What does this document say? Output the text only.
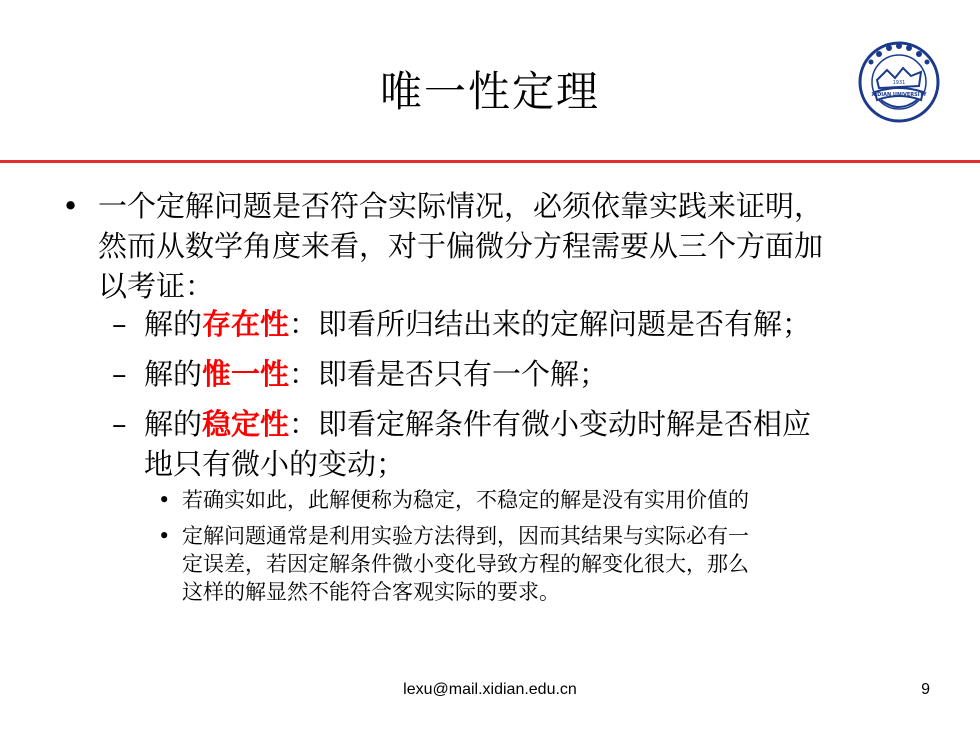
唯一性定理	XIDIAN UNIVERSITY
1931
• 一个定解问题是否符合实际情况，必须依靠实践来证明，
然而从数学角度来看，对于偏微分方程需要从三个方面加
以考证：
– 解的存在性：即看所归结出来的定解问题是否有解；
– 解的惟一性：即看是否只有一个解；
– 解的稳定性：即看定解条件有微小变动时解是否相应
地只有微小的变动；
• 若确实如此，此解便称为稳定，不稳定的解是没有实用价值的
• 定解问题通常是利用实验方法得到，因而其结果与实际必有一
定误差，若因定解条件微小变化导致方程的解变化很大，那么
这样的解显然不能符合客观实际的要求。
lexu@mail.xidian.edu.cn	9
